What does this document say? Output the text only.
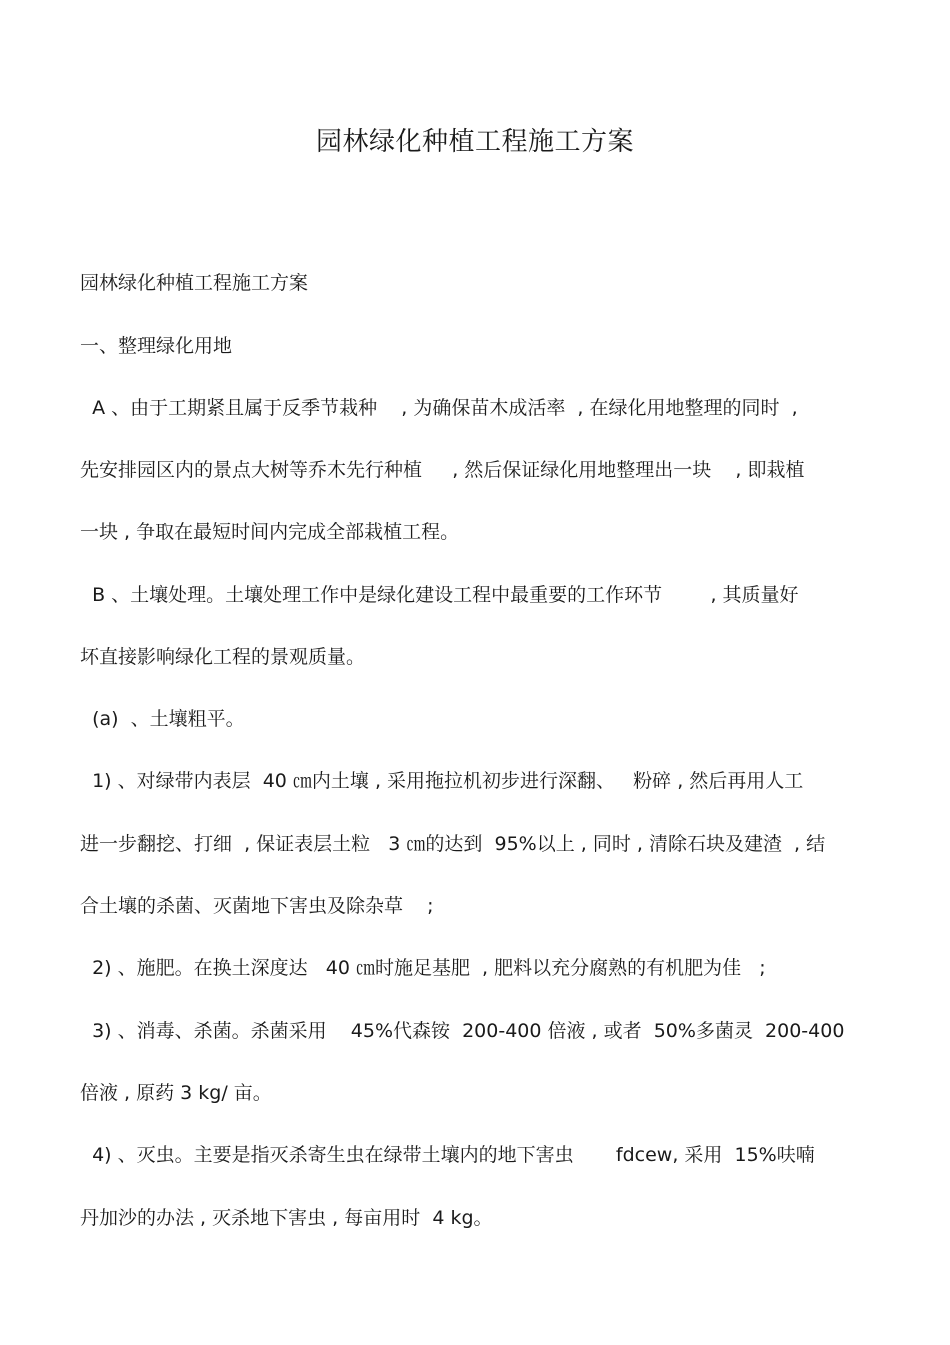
园林绿化种植工程施工方案

园林绿化种植工程施工方案

一、整理绿化用地

A 、由于工期紧且属于反季节栽种    , 为确保苗木成活率  , 在绿化用地整理的同时  ,

先安排园区内的景点大树等乔木先行种植     , 然后保证绿化用地整理出一块    , 即栽植

一块 , 争取在最短时间内完成全部栽植工程。

B 、土壤处理。土壤处理工作中是绿化建设工程中最重要的工作环节        , 其质量好

坏直接影响绿化工程的景观质量。

(a)  、土壤粗平。

1) 、对绿带内表层  40 ㎝内土壤 , 采用拖拉机初步进行深翻、   粉碎 , 然后再用人工

进一步翻挖、打细  , 保证表层土粒   3 ㎝的达到  95%以上 , 同时 , 清除石块及建渣  , 结

合土壤的杀菌、灭菌地下害虫及除杂草    ;

2) 、施肥。在换土深度达   40 ㎝时施足基肥  , 肥料以充分腐熟的有机肥为佳   ;

3) 、消毒、杀菌。杀菌采用    45%代森铵  200-400 倍液 , 或者  50%多菌灵  200-400

倍液 , 原药 3 kg/ 亩。

4) 、灭虫。主要是指灭杀寄生虫在绿带土壤内的地下害虫       fdcew, 采用  15%呋喃

丹加沙的办法 , 灭杀地下害虫 , 每亩用时  4 kg。
